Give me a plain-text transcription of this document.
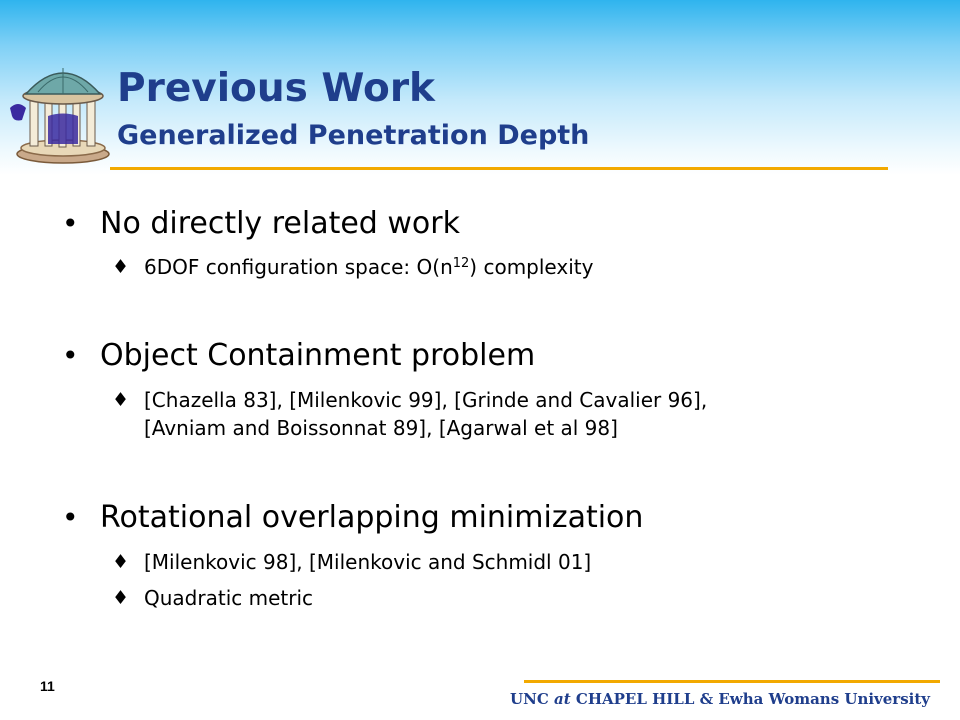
Previous Work
Generalized Penetration Depth
• No directly related work
♦ 6DOF configuration space: $O(n^{12})$ complexity
• Object Containment problem
♦ [Chazella 83], [Milenkovic 99], [Grinde and Cavalier 96],
[Avniam and Boissonnat 89], [Agarwal et al 98]
• Rotational overlapping minimization
♦ [Milenkovic 98], [Milenkovic and Schmidl 01]
♦ Quadratic metric
11
UNC at CHAPEL HILL & Ewha Womans University
